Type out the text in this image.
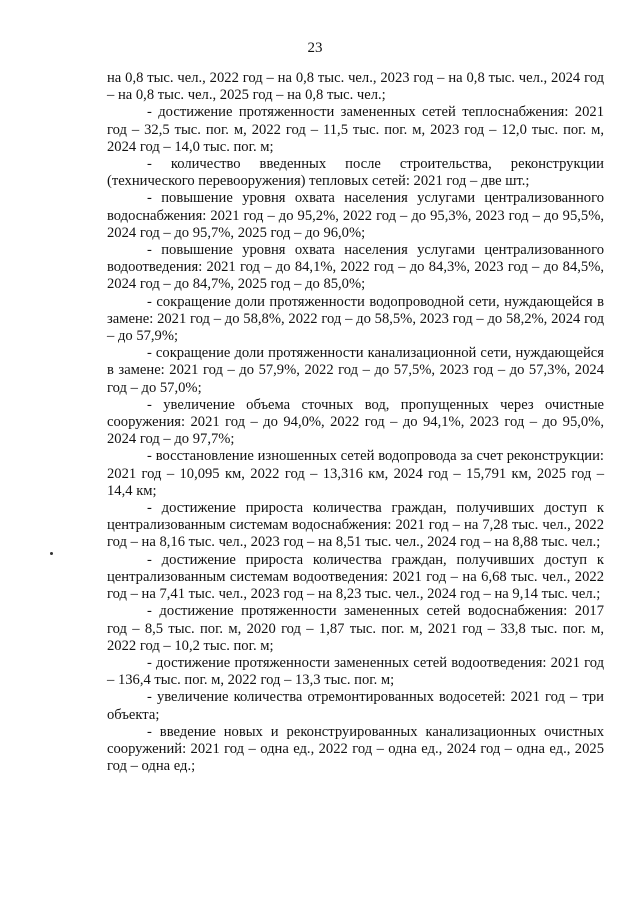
23

на 0,8 тыс. чел., 2022 год – на 0,8 тыс. чел., 2023 год – на 0,8 тыс. чел., 2024 год – на 0,8 тыс. чел., 2025 год – на 0,8 тыс. чел.;

- достижение протяженности замененных сетей теплоснабжения: 2021 год – 32,5 тыс. пог. м, 2022 год – 11,5 тыс. пог. м, 2023 год – 12,0 тыс. пог. м, 2024 год – 14,0 тыс. пог. м;

- количество введенных после строительства, реконструкции (технического перевооружения) тепловых сетей: 2021 год – две шт.;

- повышение уровня охвата населения услугами централизованного водоснабжения: 2021 год – до 95,2%, 2022 год – до 95,3%, 2023 год – до 95,5%, 2024 год – до 95,7%, 2025 год – до 96,0%;

- повышение уровня охвата населения услугами централизованного водоотведения: 2021 год – до 84,1%, 2022 год – до 84,3%, 2023 год – до 84,5%, 2024 год – до 84,7%, 2025 год – до 85,0%;

- сокращение доли протяженности водопроводной сети, нуждающейся в замене: 2021 год – до 58,8%, 2022 год – до 58,5%, 2023 год – до 58,2%, 2024 год – до 57,9%;

- сокращение доли протяженности канализационной сети, нуждающейся в замене: 2021 год – до 57,9%, 2022 год – до 57,5%, 2023 год – до 57,3%, 2024 год – до 57,0%;

- увеличение объема сточных вод, пропущенных через очистные сооружения: 2021 год – до 94,0%, 2022 год – до 94,1%, 2023 год – до 95,0%, 2024 год – до 97,7%;

- восстановление изношенных сетей водопровода за счет реконструкции: 2021 год – 10,095 км, 2022 год – 13,316 км, 2024 год – 15,791 км, 2025 год – 14,4 км;

- достижение прироста количества граждан, получивших доступ к централизованным системам водоснабжения: 2021 год – на 7,28 тыс. чел., 2022 год – на 8,16 тыс. чел., 2023 год – на 8,51 тыс. чел., 2024 год – на 8,88 тыс. чел.;

- достижение прироста количества граждан, получивших доступ к централизованным системам водоотведения: 2021 год – на 6,68 тыс. чел., 2022 год – на 7,41 тыс. чел., 2023 год – на 8,23 тыс. чел., 2024 год – на 9,14 тыс. чел.;

- достижение протяженности замененных сетей водоснабжения: 2017 год – 8,5 тыс. пог. м, 2020 год – 1,87 тыс. пог. м, 2021 год – 33,8 тыс. пог. м, 2022 год – 10,2 тыс. пог. м;

- достижение протяженности замененных сетей водоотведения: 2021 год – 136,4 тыс. пог. м, 2022 год – 13,3 тыс. пог. м;

- увеличение количества отремонтированных водосетей: 2021 год – три объекта;

- введение новых и реконструированных канализационных очистных сооружений: 2021 год – одна ед., 2022 год – одна ед., 2024 год – одна ед., 2025 год – одна ед.;
